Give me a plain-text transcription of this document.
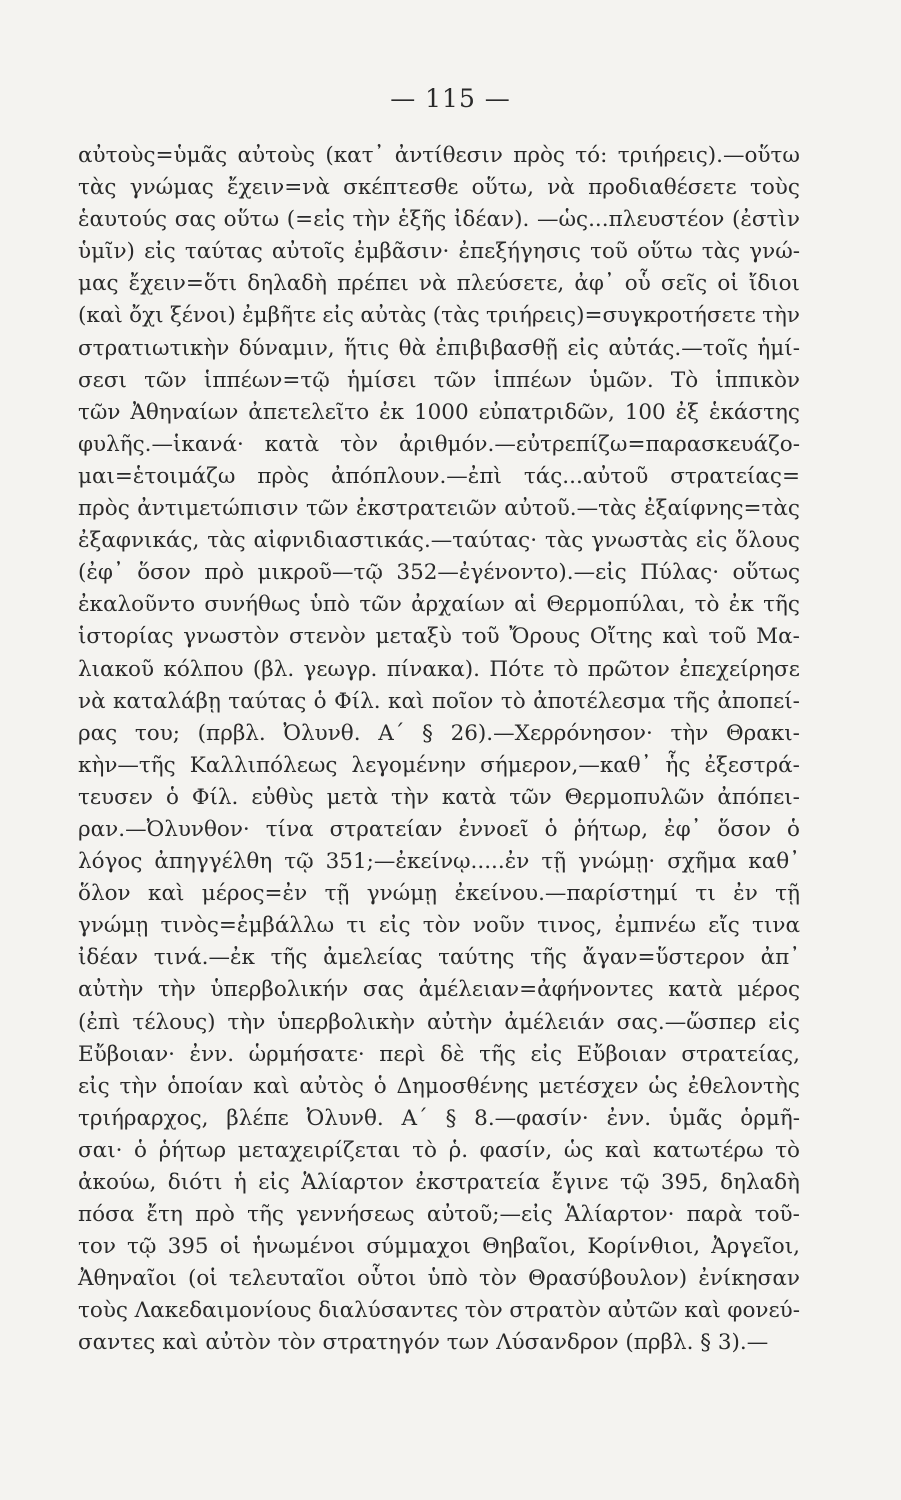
— 115 —
αὐτοὺς=ὑμᾶς αὐτοὺς (κατ᾽ ἀντίθεσιν πρὸς τό: τριήρεις).—οὕτω
τὰς γνώμας ἔχειν=νὰ σκέπτεσθε οὕτω, νὰ προδιαθέσετε τοὺς
ἑαυτούς σας οὕτω (=εἰς τὴν ἑξῆς ἰδέαν). —ὡς...πλευστέον (ἐστὶν
ὑμῖν) εἰς ταύτας αὐτοῖς ἐμβᾶσιν· ἐπεξήγησις τοῦ οὕτω τὰς γνώ-
μας ἔχειν=ὅτι δηλαδὴ πρέπει νὰ πλεύσετε, ἀφ᾽ οὗ σεῖς οἱ ἴδιοι
(καὶ ὄχι ξένοι) ἐμβῆτε εἰς αὐτὰς (τὰς τριήρεις)=συγκροτήσετε τὴν
στρατιωτικὴν δύναμιν, ἥτις θὰ ἐπιβιβασθῇ εἰς αὐτάς.—τοῖς ἡμί-
σεσι τῶν ἱππέων=τῷ ἡμίσει τῶν ἱππέων ὑμῶν. Τὸ ἱππικὸν
τῶν Ἀθηναίων ἀπετελεῖτο ἐκ 1000 εὐπατριδῶν, 100 ἐξ ἑκάστης
φυλῆς.—ἱκανά· κατὰ τὸν ἀριθμόν.—εὐτρεπίζω=παρασκευάζο-
μαι=ἑτοιμάζω πρὸς ἀπόπλουν.—ἐπὶ τάς...αὐτοῦ στρατείας=
πρὸς ἀντιμετώπισιν τῶν ἐκστρατειῶν αὐτοῦ.—τὰς ἐξαίφνης=τὰς
ἐξαφνικάς, τὰς αἰφνιδιαστικάς.—ταύτας· τὰς γνωστὰς εἰς ὅλους
(ἐφ᾽ ὅσον πρὸ μικροῦ—τῷ 352—ἐγένοντο).—εἰς Πύλας· οὕτως
ἐκαλοῦντο συνήθως ὑπὸ τῶν ἀρχαίων αἱ Θερμοπύλαι, τὸ ἐκ τῆς
ἱστορίας γνωστὸν στενὸν μεταξὺ τοῦ Ὄρους Οἴτης καὶ τοῦ Μα-
λιακοῦ κόλπου (βλ. γεωγρ. πίνακα). Πότε τὸ πρῶτον ἐπεχείρησε
νὰ καταλάβῃ ταύτας ὁ Φίλ. καὶ ποῖον τὸ ἀποτέλεσμα τῆς ἀποπεί-
ρας του; (πρβλ. Ὀλυνθ. Α´ § 26).—Χερρόνησον· τὴν Θρακι-
κὴν—τῆς Καλλιπόλεως λεγομένην σήμερον,—καθ᾽ ἧς ἐξεστρά-
τευσεν ὁ Φίλ. εὐθὺς μετὰ τὴν κατὰ τῶν Θερμοπυλῶν ἀπόπει-
ραν.—Ὀλυνθον· τίνα στρατείαν ἐννοεῖ ὁ ῥήτωρ, ἐφ᾽ ὅσον ὁ
λόγος ἀπηγγέλθη τῷ 351;—ἐκείνῳ.....ἐν τῇ γνώμῃ· σχῆμα καθ᾽
ὅλον καὶ μέρος=ἐν τῇ γνώμῃ ἐκείνου.—παρίστημί τι ἐν τῇ
γνώμῃ τινὸς=ἐμβάλλω τι εἰς τὸν νοῦν τινος, ἐμπνέω εἴς τινα
ἰδέαν τινά.—ἐκ τῆς ἀμελείας ταύτης τῆς ἄγαν=ὕστερον ἀπ᾽
αὐτὴν τὴν ὑπερβολικήν σας ἀμέλειαν=ἀφήνοντες κατὰ μέρος
(ἐπὶ τέλους) τὴν ὑπερβολικὴν αὐτὴν ἀμέλειάν σας.—ὥσπερ εἰς
Εὔβοιαν· ἐνν. ὡρμήσατε· περὶ δὲ τῆς εἰς Εὔβοιαν στρατείας,
εἰς τὴν ὁποίαν καὶ αὐτὸς ὁ Δημοσθένης μετέσχεν ὡς ἐθελοντὴς
τριήραρχος, βλέπε Ὀλυνθ. Α´ § 8.—φασίν· ἐνν. ὑμᾶς ὁρμῆ-
σαι· ὁ ῥήτωρ μεταχειρίζεται τὸ ῥ. φασίν, ὡς καὶ κατωτέρω τὸ
ἀκούω, διότι ἡ εἰς Ἁλίαρτον ἐκστρατεία ἔγινε τῷ 395, δηλαδὴ
πόσα ἔτη πρὸ τῆς γεννήσεως αὐτοῦ;—εἰς Ἁλίαρτον· παρὰ τοῦ-
τον τῷ 395 οἱ ἡνωμένοι σύμμαχοι Θηβαῖοι, Κορίνθιοι, Ἀργεῖοι,
Ἀθηναῖοι (οἱ τελευταῖοι οὗτοι ὑπὸ τὸν Θρασύβουλον) ἐνίκησαν
τοὺς Λακεδαιμονίους διαλύσαντες τὸν στρατὸν αὐτῶν καὶ φονεύ-
σαντες καὶ αὐτὸν τὸν στρατηγόν των Λύσανδρον (πρβλ. § 3).—
